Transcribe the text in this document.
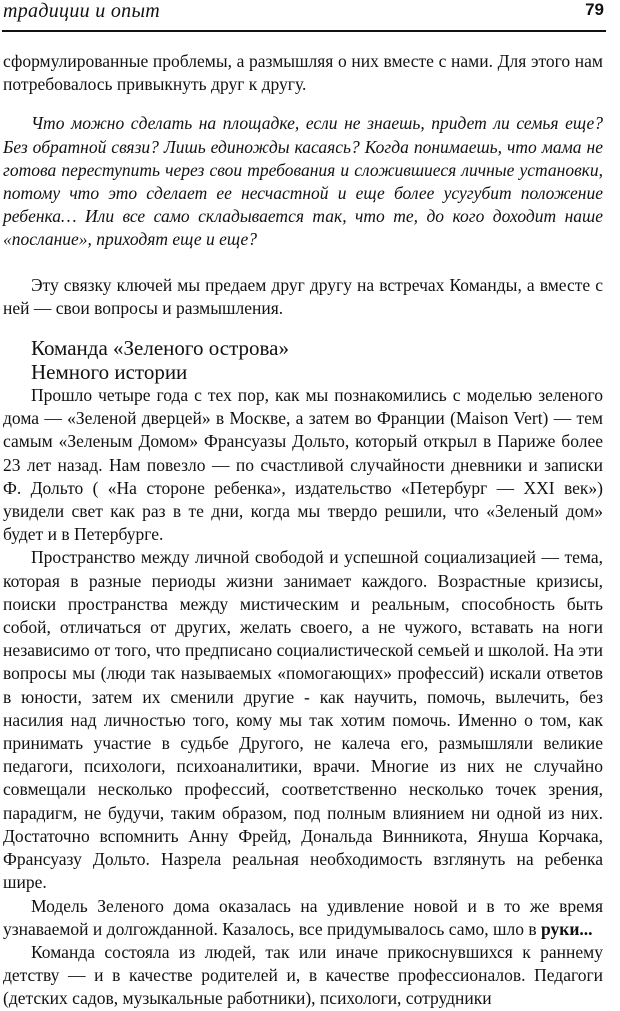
традиции и опыт	79

сформулированные проблемы, а размышляя о них вместе с нами. Для этого нам потребовалось привыкнуть друг к другу.

Что можно сделать на площадке, если не знаешь, придет ли семья еще? Без обратной связи? Лишь единожды касаясь? Когда понимаешь, что мама не готова переступить через свои требования и сложившиеся личные установки, потому что это сделает ее несчастной и еще более усугубит положение ребенка… Или все само складывается так, что те, до кого доходит наше «послание», приходят еще и еще?

Эту связку ключей мы предаем друг другу на встречах Команды, а вместе с ней — свои вопросы и размышления.

Команда «Зеленого острова»
Немного истории

Прошло четыре года с тех пор, как мы познакомились с моделью зеленого дома — «Зеленой дверцей» в Москве, а затем во Франции (Maison Vert) — тем самым «Зеленым Домом» Франсуазы Дольто, который открыл в Париже более 23 лет назад. Нам повезло — по счастливой случайности дневники и записки Ф. Дольто ( «На стороне ребенка», издательство «Петербург — XXI век») увидели свет как раз в те дни, когда мы твердо решили, что «Зеленый дом» будет и в Петербурге.

Пространство между личной свободой и успешной социализацией — тема, которая в разные периоды жизни занимает каждого. Возрастные кризисы, поиски пространства между мистическим и реальным, способность быть собой, отличаться от других, желать своего, а не чужого, вставать на ноги независимо от того, что предписано социалистической семьей и школой. На эти вопросы мы (люди так называемых «помогающих» профессий) искали ответов в юности, затем их сменили другие - как научить, помочь, вылечить, без насилия над личностью того, кому мы так хотим помочь. Именно о том, как принимать участие в судьбе Другого, не калеча его, размышляли великие педагоги, психологи, психоаналитики, врачи. Многие из них не случайно совмещали несколько профессий, соответственно несколько точек зрения, парадигм, не будучи, таким образом, под полным влиянием ни одной из них. Достаточно вспомнить Анну Фрейд, Дональда Винникота, Януша Корчака, Франсуазу Дольто. Назрела реальная необходимость взглянуть на ребенка шире.

Модель Зеленого дома оказалась на удивление новой и в то же время узнаваемой и долгожданной. Казалось, все придумывалось само, шло в руки...

Команда состояла из людей, так или иначе прикоснувшихся к раннему детству — и в качестве родителей и, в качестве профессионалов. Педагоги (детских садов, музыкальные работники), психологи, сотрудники
